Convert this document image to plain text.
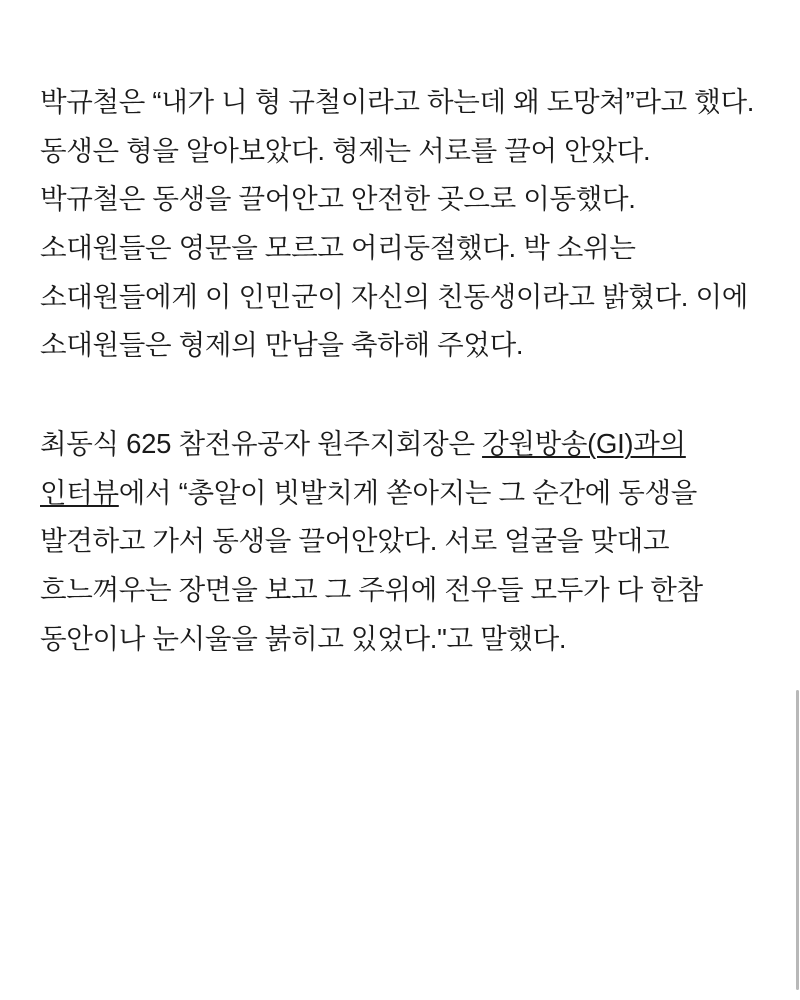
박규철은 “내가 니 형 규철이라고 하는데 왜 도망쳐”라고 했다. 동생은 형을 알아보았다. 형제는 서로를 끌어 안았다. 박규철은 동생을 끌어안고 안전한 곳으로 이동했다. 소대원들은 영문을 모르고 어리둥절했다. 박 소위는 소대원들에게 이 인민군이 자신의 친동생이라고 밝혔다. 이에 소대원들은 형제의 만남을 축하해 주었다.

최동식 625 참전유공자 원주지회장은 강원방송(GI)과의 인터뷰에서 “총알이 빗발치게 쏟아지는 그 순간에 동생을 발견하고 가서 동생을 끌어안았다. 서로 얼굴을 맞대고 흐느껴우는 장면을 보고 그 주위에 전우들 모두가 다 한참 동안이나 눈시울을 붉히고 있었다."고 말했다.
